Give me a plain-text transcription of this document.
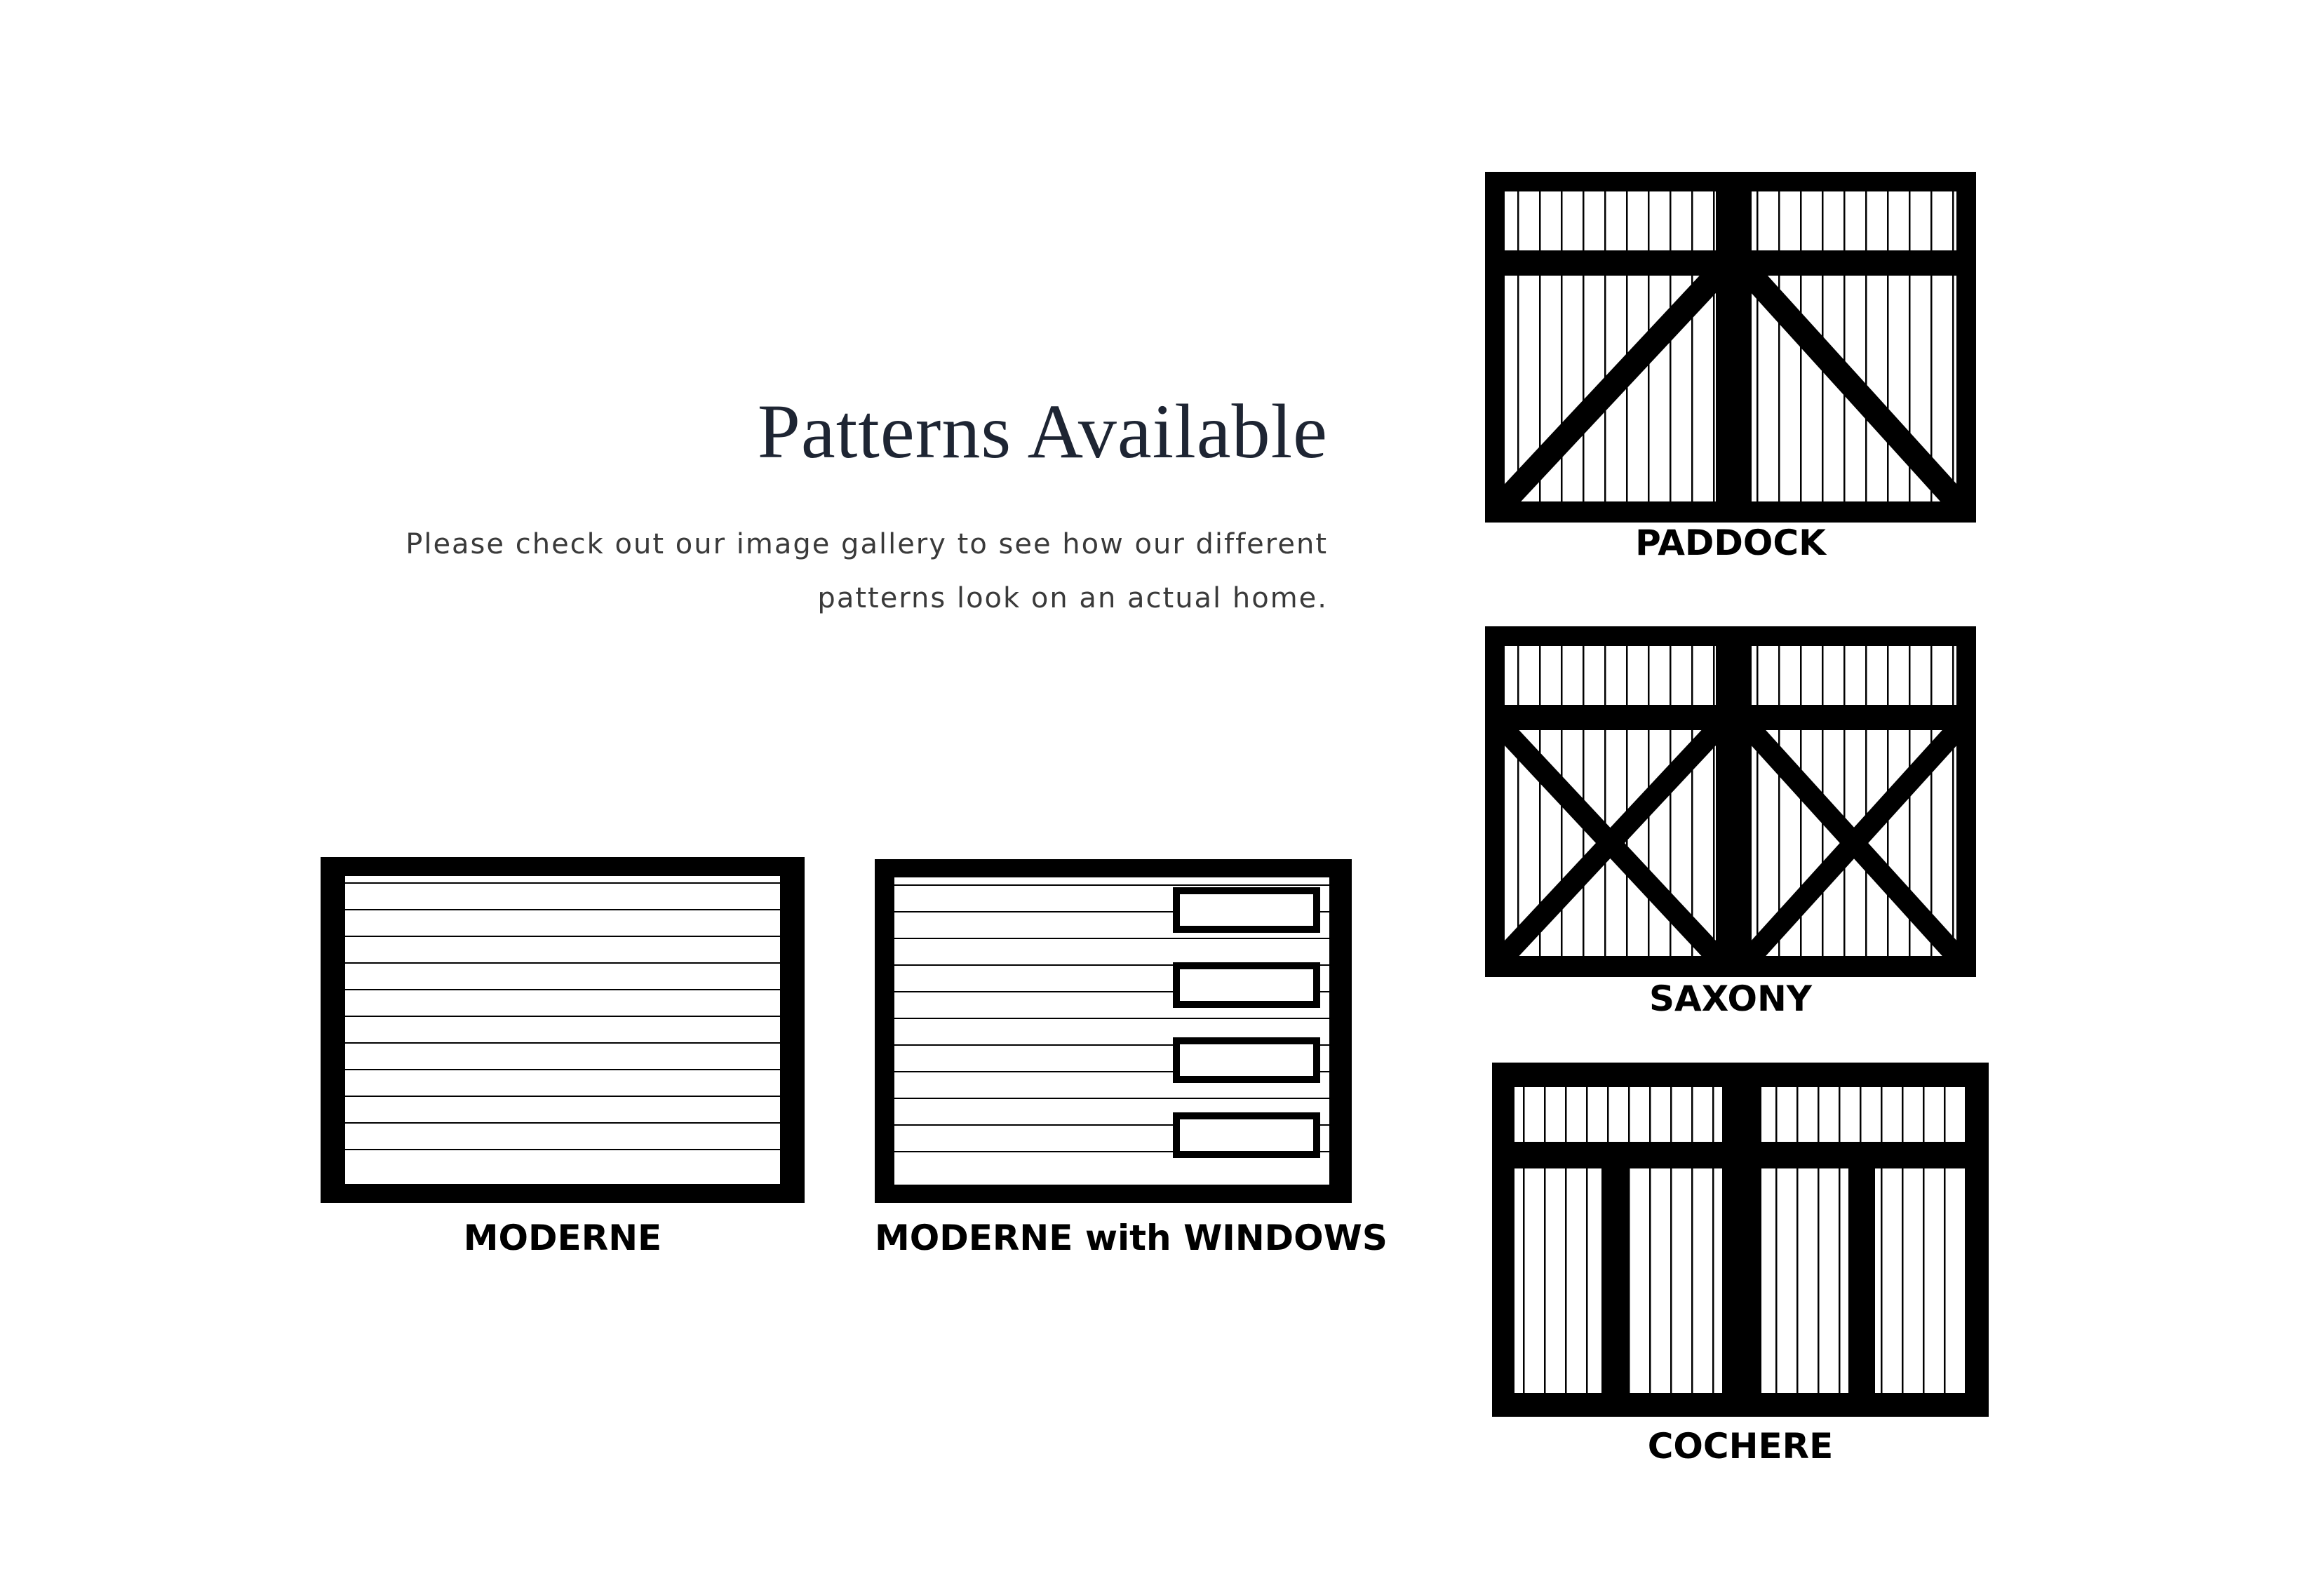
Patterns Available

Please check out our image gallery to see how our different
patterns look on an actual home.

PADDOCK

SAXONY

COCHERE

MODERNE	MODERNE with WINDOWS
